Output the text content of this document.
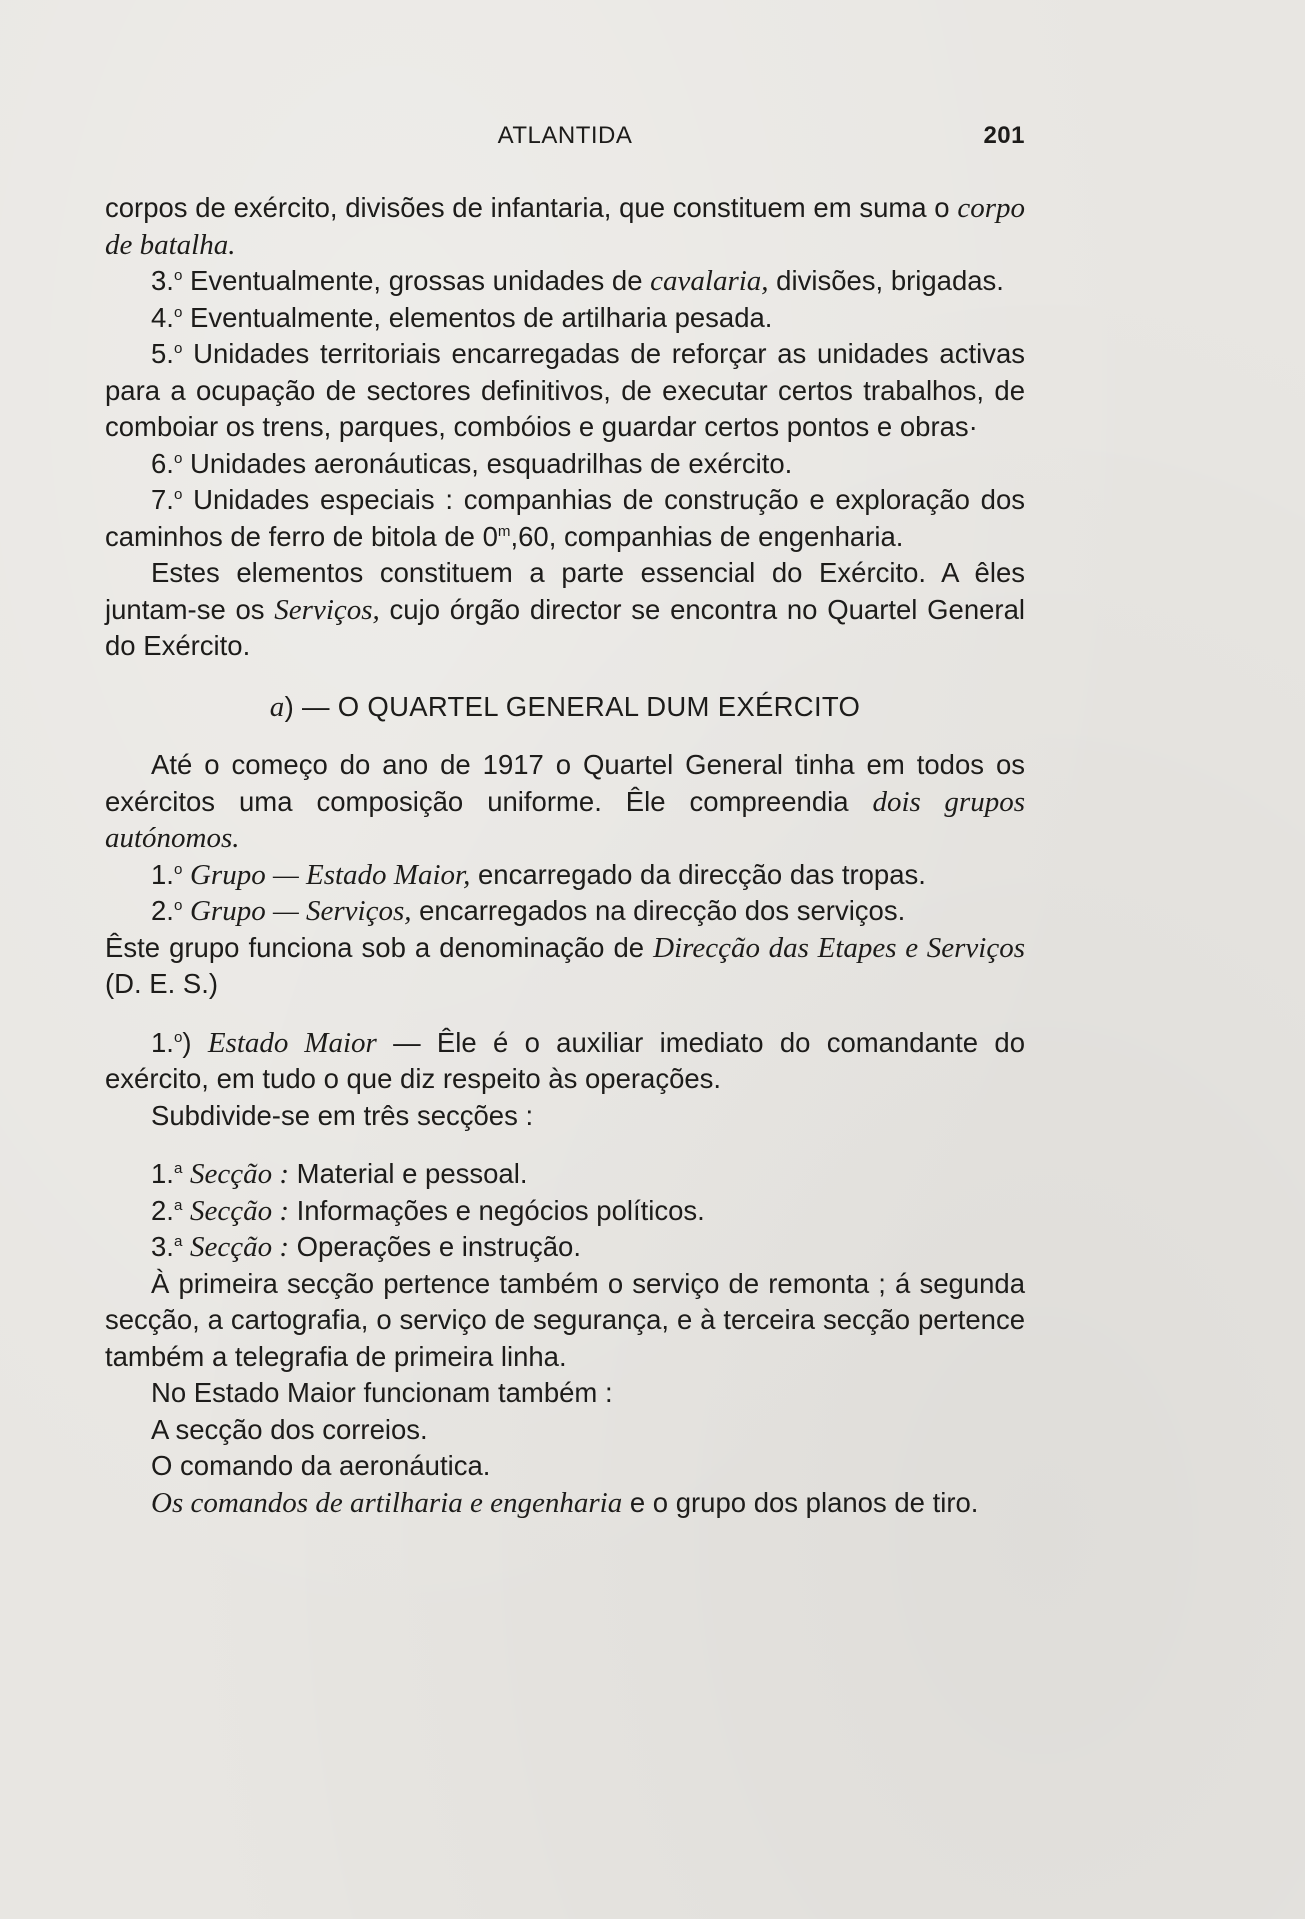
ATLANTIDA	201

corpos de exército, divisões de infantaria, que constituem em suma o corpo de batalha.

3.$^o$ Eventualmente, grossas unidades de cavalaria, divisões, brigadas.

4.$^o$ Eventualmente, elementos de artilharia pesada.

5.$^o$ Unidades territoriais encarregadas de reforçar as unidades activas para a ocupação de sectores definitivos, de executar certos trabalhos, de comboiar os trens, parques, combóios e guardar certos pontos e obras·

6.$^o$ Unidades aeronáuticas, esquadrilhas de exército.

7.$^o$ Unidades especiais : companhias de construção e exploração dos caminhos de ferro de bitola de 0$^m$,60, companhias de engenharia.

Estes elementos constituem a parte essencial do Exército. A êles juntam-se os Serviços, cujo órgão director se encontra no Quartel General do Exército.

a) — O QUARTEL GENERAL DUM EXÉRCITO

Até o começo do ano de 1917 o Quartel General tinha em todos os exércitos uma composição uniforme. Êle compreendia dois grupos autónomos.

1.$^o$ Grupo — Estado Maior, encarregado da direcção das tropas.

2.$^o$ Grupo — Serviços, encarregados na direcção dos serviços.

Êste grupo funciona sob a denominação de Direcção das Etapes e Serviços (D. E. S.)

1.$^o$) Estado Maior — Êle é o auxiliar imediato do comandante do exército, em tudo o que diz respeito às operações.

Subdivide-se em três secções :

1.$^a$ Secção : Material e pessoal.

2.$^a$ Secção : Informações e negócios políticos.

3.$^a$ Secção : Operações e instrução.

À primeira secção pertence também o serviço de remonta ; á segunda secção, a cartografia, o serviço de segurança, e à terceira secção pertence também a telegrafia de primeira linha.

No Estado Maior funcionam também :

A secção dos correios.

O comando da aeronáutica.

Os comandos de artilharia e engenharia e o grupo dos planos de tiro.
